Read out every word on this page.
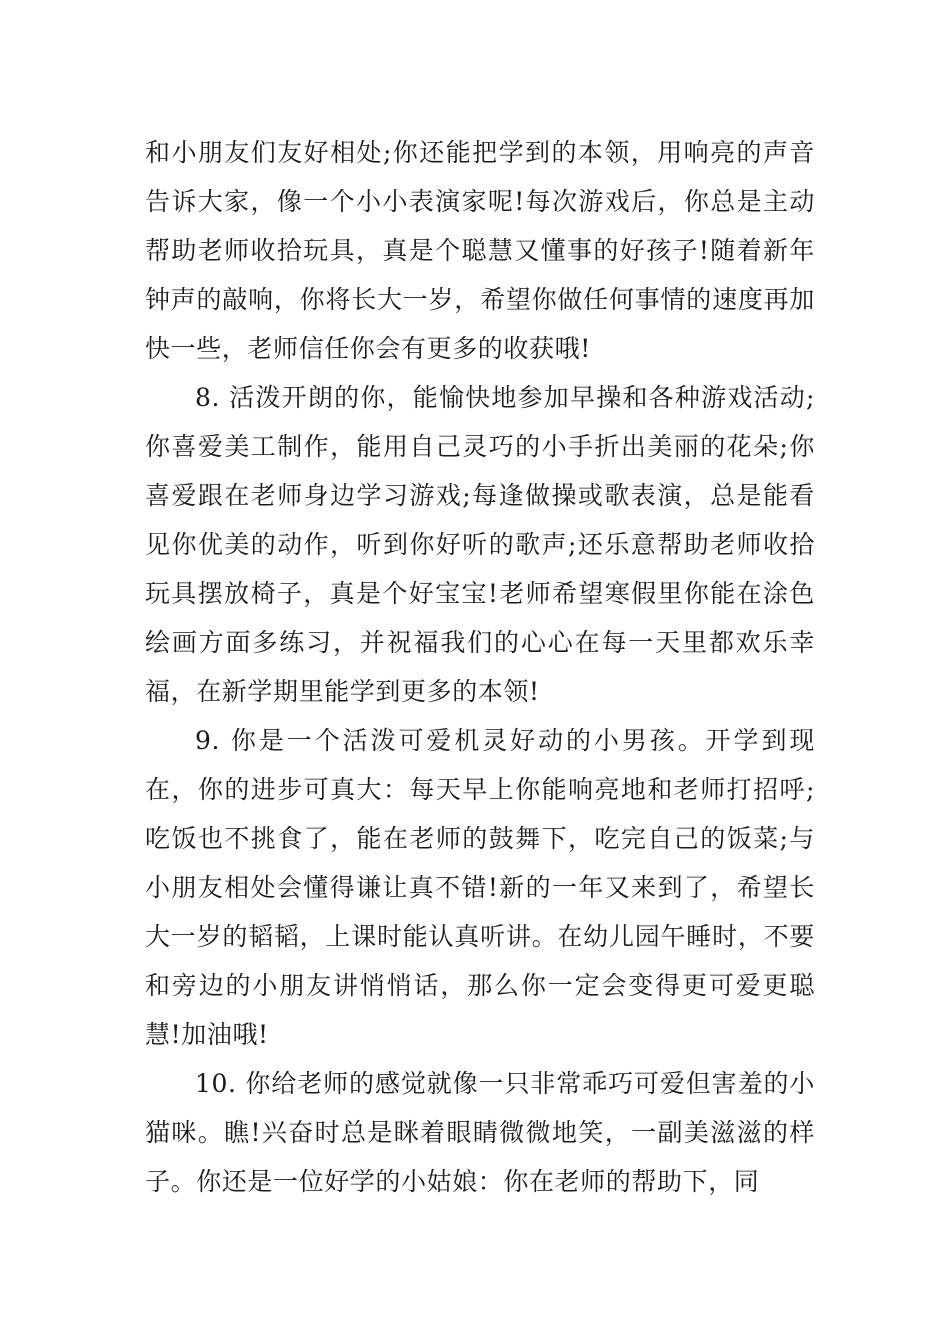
和小朋友们友好相处;你还能把学到的本领，用响亮的声音告诉大家，像一个小小表演家呢!每次游戏后，你总是主动帮助老师收拾玩具，真是个聪慧又懂事的好孩子!随着新年钟声的敲响，你将长大一岁，希望你做任何事情的速度再加快一些，老师信任你会有更多的收获哦!

8. 活泼开朗的你，能愉快地参加早操和各种游戏活动;你喜爱美工制作，能用自己灵巧的小手折出美丽的花朵;你喜爱跟在老师身边学习游戏;每逢做操或歌表演，总是能看见你优美的动作，听到你好听的歌声;还乐意帮助老师收拾玩具摆放椅子，真是个好宝宝!老师希望寒假里你能在涂色绘画方面多练习，并祝福我们的心心在每一天里都欢乐幸福，在新学期里能学到更多的本领!

9. 你是一个活泼可爱机灵好动的小男孩。开学到现在，你的进步可真大：每天早上你能响亮地和老师打招呼;吃饭也不挑食了，能在老师的鼓舞下，吃完自己的饭菜;与小朋友相处会懂得谦让真不错!新的一年又来到了，希望长大一岁的韬韬，上课时能认真听讲。在幼儿园午睡时，不要和旁边的小朋友讲悄悄话，那么你一定会变得更可爱更聪慧!加油哦!

10. 你给老师的感觉就像一只非常乖巧可爱但害羞的小猫咪。瞧!兴奋时总是眯着眼睛微微地笑，一副美滋滋的样子。你还是一位好学的小姑娘：你在老师的帮助下，同
